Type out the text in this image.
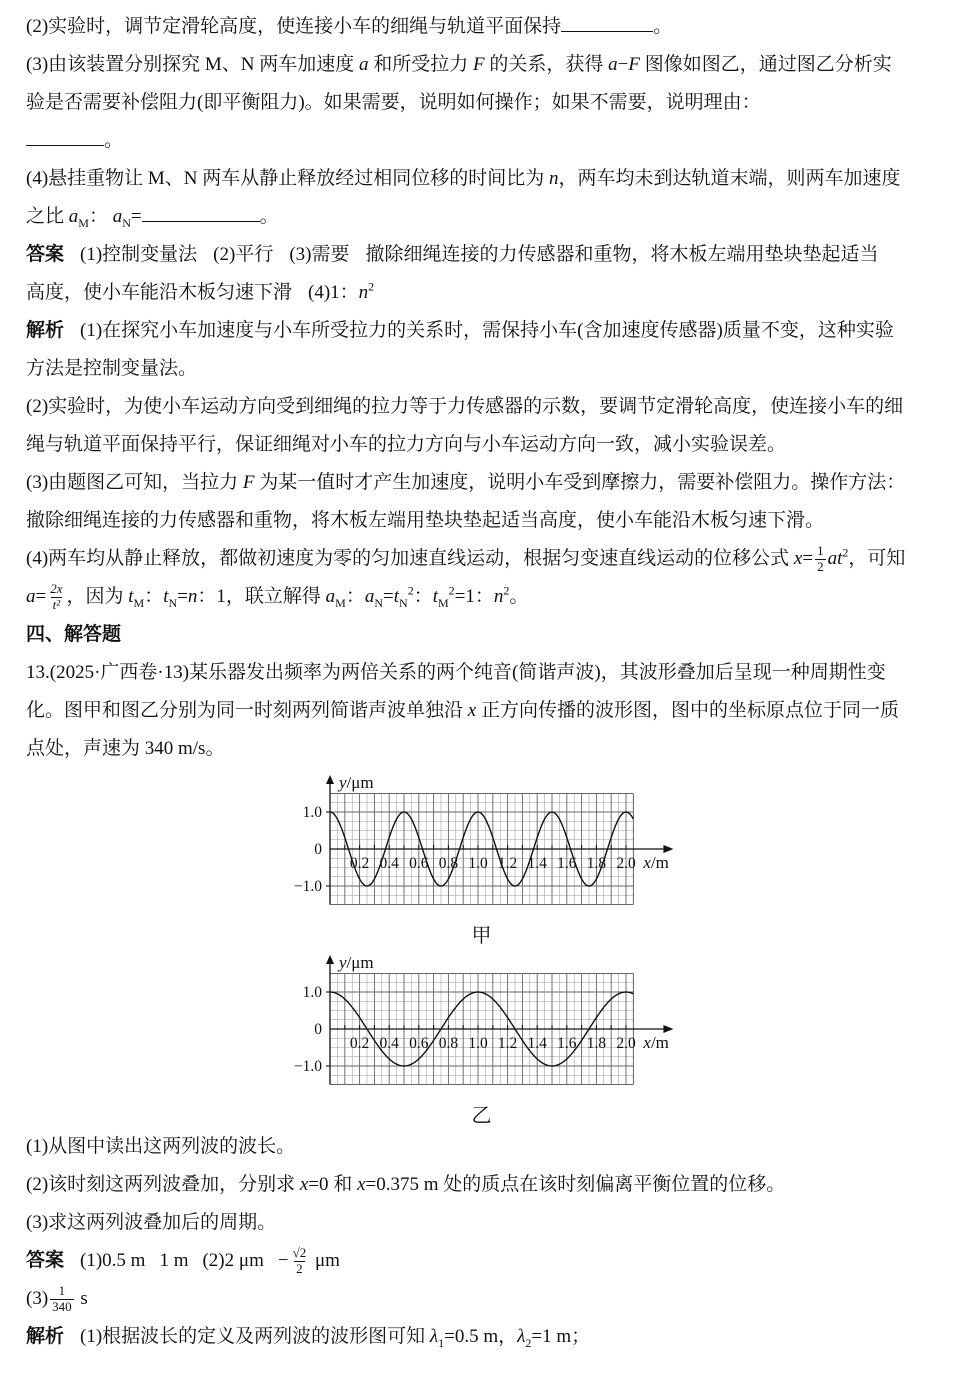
(2)实验时，调节定滑轮高度，使连接小车的细绳与轨道平面保持	。
(3)由该装置分别探究 M、N 两车加速度 a 和所受拉力 F 的关系，获得 a−F 图像如图乙，通过图乙分析实
验是否需要补偿阻力(即平衡阻力)。如果需要，说明如何操作；如果不需要，说明理由：
。
(4)悬挂重物让 M、N 两车从静止释放经过相同位移的时间比为 n，两车均未到达轨道末端，则两车加速度
之比 $a_M$： $a_N=$	。
答案 (1)控制变量法 (2)平行 (3)需要 撤除细绳连接的力传感器和重物，将木板左端用垫块垫起适当
高度，使小车能沿木板匀速下滑 (4)1：$n^2$
解析 (1)在探究小车加速度与小车所受拉力的关系时，需保持小车(含加速度传感器)质量不变，这种实验
方法是控制变量法。
(2)实验时，为使小车运动方向受到细绳的拉力等于力传感器的示数，要调节定滑轮高度，使连接小车的细
绳与轨道平面保持平行，保证细绳对小车的拉力方向与小车运动方向一致，减小实验误差。
(3)由题图乙可知，当拉力 F 为某一值时才产生加速度，说明小车受到摩擦力，需要补偿阻力。操作方法：
撤除细绳连接的力传感器和重物，将木板左端用垫块垫起适当高度，使小车能沿木板匀速下滑。
(4)两车均从静止释放，都做初速度为零的匀加速直线运动，根据匀变速直线运动的位移公式 $x= \frac{1}{2} at^2$，可知
$a= \frac{2x}{\text{t²}}$ ，因为 $t_M$：$t_N=n$：1，联立解得 $a_M$：$a_N=t_N^2$：$t_M^2=1$：$n^2$。
四、解答题
13.(2025·广西卷·13)某乐器发出频率为两倍关系的两个纯音(简谐声波)，其波形叠加后呈现一种周期性变
化。图甲和图乙分别为同一时刻两列简谐声波单独沿 x 正方向传播的波形图，图中的坐标原点位于同一质
点处，声速为 340 m/s。
y/μm
x/m
0.2 0.4 0.6 0.8 1.0 1.2 1.4 1.6 1.8 2.0
−1.0
0
1.0
甲
y/μm
x/m
0.2 0.4 0.6 0.8 1.0 1.2 1.4 1.6 1.8 2.0
−1.0
0
1.0
乙
(1)从图中读出这两列波的波长。
(2)该时刻这两列波叠加，分别求 x=0 和 x=0.375 m 处的质点在该时刻偏离平衡位置的位移。
(3)求这两列波叠加后的周期。
答案 (1)0.5 m 1 m (2)2 $\mu m - \frac{√2}{2}$ μm
$(3) \frac{1}{340}$ s
解析 (1)根据波长的定义及两列波的波形图可知 $\lambda_1=0.5$ m，$\lambda_2=1$ m；
